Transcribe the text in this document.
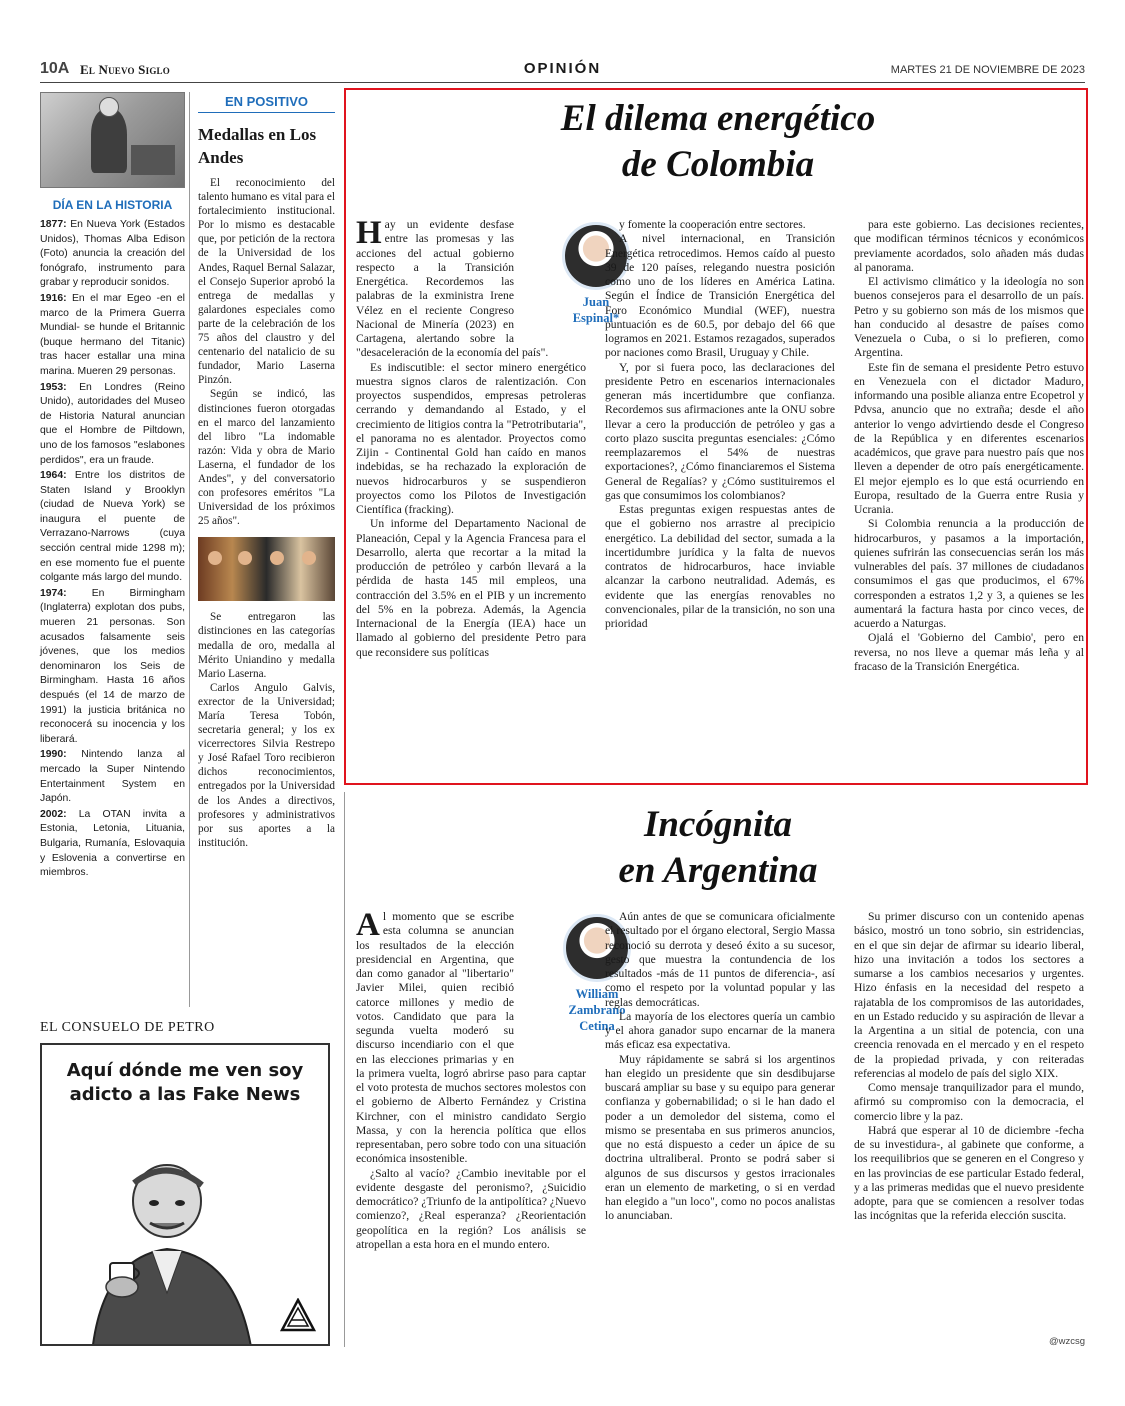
10A El Nuevo Siglo	OPINIÓN	MARTES 21 DE NOVIEMBRE DE 2023
DÍA EN LA HISTORIA

1877: En Nueva York (Estados Unidos), Thomas Alba Edison (Foto) anuncia la creación del fonógrafo, instrumento para grabar y reproducir sonidos.

1916: En el mar Egeo -en el marco de la Primera Guerra Mundial- se hunde el Britannic (buque hermano del Titanic) tras hacer estallar una mina marina. Mueren 29 personas.

1953: En Londres (Reino Unido), autoridades del Museo de Historia Natural anuncian que el Hombre de Piltdown, uno de los famosos "eslabones perdidos", era un fraude.

1964: Entre los distritos de Staten Island y Brooklyn (ciudad de Nueva York) se inaugura el puente de Verrazano-Narrows (cuya sección central mide 1298 m); en ese momento fue el puente colgante más largo del mundo.

1974: En Birmingham (Inglaterra) explotan dos pubs, mueren 21 personas. Son acusados falsamente seis jóvenes, que los medios denominaron los Seis de Birmingham. Hasta 16 años después (el 14 de marzo de 1991) la justicia británica no reconocerá su inocencia y los liberará.

1990: Nintendo lanza al mercado la Super Nintendo Entertainment System en Japón.

2002: La OTAN invita a Estonia, Letonia, Lituania, Bulgaria, Rumanía, Eslovaquia y Eslovenia a convertirse en miembros.

EN POSITIVO
Medallas en Los Andes

El reconocimiento del talento humano es vital para el fortalecimiento institucional. Por lo mismo es destacable que, por petición de la rectora de la Universidad de los Andes, Raquel Bernal Salazar, el Consejo Superior aprobó la entrega de medallas y galardones especiales como parte de la celebración de los 75 años del claustro y del centenario del natalicio de su fundador, Mario Laserna Pinzón.

Según se indicó, las distinciones fueron otorgadas en el marco del lanzamiento del libro "La indomable razón: Vida y obra de Mario Laserna, el fundador de los Andes", y del conversatorio con profesores eméritos "La Universidad de los próximos 25 años".

Se entregaron las distinciones en las categorías medalla de oro, medalla al Mérito Uniandino y medalla Mario Laserna.

Carlos Angulo Galvis, exrector de la Universidad; María Teresa Tobón, secretaria general; y los ex vicerrectores Silvia Restrepo y José Rafael Toro recibieron dichos reconocimientos, entregados por la Universidad de los Andes a directivos, profesores y administrativos por sus aportes a la institución.

El dilema energético
de Colombia
Juan
Espinal*

Hay un evidente desfase entre las promesas y las acciones del actual gobierno respecto a la Transición Energética. Recordemos las palabras de la exministra Irene Vélez en el reciente Congreso Nacional de Minería (2023) en Cartagena, alertando sobre la "desaceleración de la economía del país".

Es indiscutible: el sector minero energético muestra signos claros de ralentización. Con proyectos suspendidos, empresas petroleras cerrando y demandando al Estado, y el crecimiento de litigios contra la "Petrotributaria", el panorama no es alentador. Proyectos como Zijin - Continental Gold han caído en manos indebidas, se ha rechazado la exploración de nuevos hidrocarburos y se suspendieron proyectos como los Pilotos de Investigación Científica (fracking).

Un informe del Departamento Nacional de Planeación, Cepal y la Agencia Francesa para el Desarrollo, alerta que recortar a la mitad la producción de petróleo y carbón llevará a la pérdida de hasta 145 mil empleos, una contracción del 3.5% en el PIB y un incremento del 5% en la pobreza. Además, la Agencia Internacional de la Energía (IEA) hace un llamado al gobierno del presidente Petro para que reconsidere sus políticas

y fomente la cooperación entre sectores.

A nivel internacional, en Transición Energética retrocedimos. Hemos caído al puesto 39 de 120 países, relegando nuestra posición como uno de los líderes en América Latina. Según el Índice de Transición Energética del Foro Económico Mundial (WEF), nuestra puntuación es de 60.5, por debajo del 66 que logramos en 2021. Estamos rezagados, superados por naciones como Brasil, Uruguay y Chile.

Y, por si fuera poco, las declaraciones del presidente Petro en escenarios internacionales generan más incertidumbre que confianza. Recordemos sus afirmaciones ante la ONU sobre llevar a cero la producción de petróleo y gas a corto plazo suscita preguntas esenciales: ¿Cómo reemplazaremos el 54% de nuestras exportaciones?, ¿Cómo financiaremos el Sistema General de Regalías? y ¿Cómo sustituiremos el gas que consumimos los colombianos?

Estas preguntas exigen respuestas antes de que el gobierno nos arrastre al precipicio energético. La debilidad del sector, sumada a la incertidumbre jurídica y la falta de nuevos contratos de hidrocarburos, hace inviable alcanzar la carbono neutralidad. Además, es evidente que las energías renovables no convencionales, pilar de la transición, no son una prioridad

para este gobierno. Las decisiones recientes, que modifican términos técnicos y económicos previamente acordados, solo añaden más dudas al panorama.

El activismo climático y la ideología no son buenos consejeros para el desarrollo de un país. Petro y su gobierno son más de los mismos que han conducido al desastre de países como Venezuela o Cuba, o si lo prefieren, como Argentina.

Este fin de semana el presidente Petro estuvo en Venezuela con el dictador Maduro, informando una posible alianza entre Ecopetrol y Pdvsa, anuncio que no extraña; desde el año anterior lo vengo advirtiendo desde el Congreso de la República y en diferentes escenarios académicos, que grave para nuestro país que nos lleven a depender de otro país energéticamente. El mejor ejemplo es lo que está ocurriendo en Europa, resultado de la Guerra entre Rusia y Ucrania.

Si Colombia renuncia a la producción de hidrocarburos, y pasamos a la importación, quienes sufrirán las consecuencias serán los más vulnerables del país. 37 millones de ciudadanos consumimos el gas que producimos, el 67% corresponden a estratos 1,2 y 3, a quienes se les aumentará la factura hasta por cinco veces, de acuerdo a Naturgas.

Ojalá el 'Gobierno del Cambio', pero en reversa, no nos lleve a quemar más leña y al fracaso de la Transición Energética.

Incógnita
en Argentina
William
Zambrano
Cetina

Al momento que se escribe esta columna se anuncian los resultados de la elección presidencial en Argentina, que dan como ganador al "libertario" Javier Milei, quien recibió catorce millones y medio de votos. Candidato que para la segunda vuelta moderó su discurso incendiario con el que en las elecciones primarias y en la primera vuelta, logró abrirse paso para captar el voto protesta de muchos sectores molestos con el gobierno de Alberto Fernández y Cristina Kirchner, con el ministro candidato Sergio Massa, y con la herencia política que ellos representaban, pero sobre todo con una situación económica insostenible.

¿Salto al vacío? ¿Cambio inevitable por el evidente desgaste del peronismo?, ¿Suicidio democrático? ¿Triunfo de la antipolítica? ¿Nuevo comienzo?, ¿Real esperanza? ¿Reorientación geopolítica en la región? Los análisis se atropellan a esta hora en el mundo entero.

Aún antes de que se comunicara oficialmente el resultado por el órgano electoral, Sergio Massa reconoció su derrota y deseó éxito a su sucesor, gesto que muestra la contundencia de los resultados -más de 11 puntos de diferencia-, así como el respeto por la voluntad popular y las reglas democráticas.

La mayoría de los electores quería un cambio y el ahora ganador supo encarnar de la manera más eficaz esa expectativa.

Muy rápidamente se sabrá si los argentinos han elegido un presidente que sin desdibujarse buscará ampliar su base y su equipo para generar confianza y gobernabilidad; o si le han dado el poder a un demoledor del sistema, como el mismo se presentaba en sus primeros anuncios, que no está dispuesto a ceder un ápice de su doctrina ultraliberal. Pronto se podrá saber si algunos de sus discursos y gestos irracionales eran un elemento de marketing, o si en verdad han elegido a "un loco", como no pocos analistas lo anunciaban.

Su primer discurso con un contenido apenas básico, mostró un tono sobrio, sin estridencias, en el que sin dejar de afirmar su ideario liberal, hizo una invitación a todos los sectores a sumarse a los cambios necesarios y urgentes. Hizo énfasis en la necesidad del respeto a rajatabla de los compromisos de las autoridades, en un Estado reducido y su aspiración de llevar a la Argentina a un sitial de potencia, con una creencia renovada en el mercado y en el respeto de la propiedad privada, y con reiteradas referencias al modelo de país del siglo XIX.

Como mensaje tranquilizador para el mundo, afirmó su compromiso con la democracia, el comercio libre y la paz.

Habrá que esperar al 10 de diciembre -fecha de su investidura-, al gabinete que conforme, a los reequilibrios que se generen en el Congreso y en las provincias de ese particular Estado federal, y a las primeras medidas que el nuevo presidente adopte, para que se comiencen a resolver todas las incógnitas que la referida elección suscita.

@wzcsg
EL CONSUELO DE PETRO
Aquí dónde me ven soy adicto a las Fake News
